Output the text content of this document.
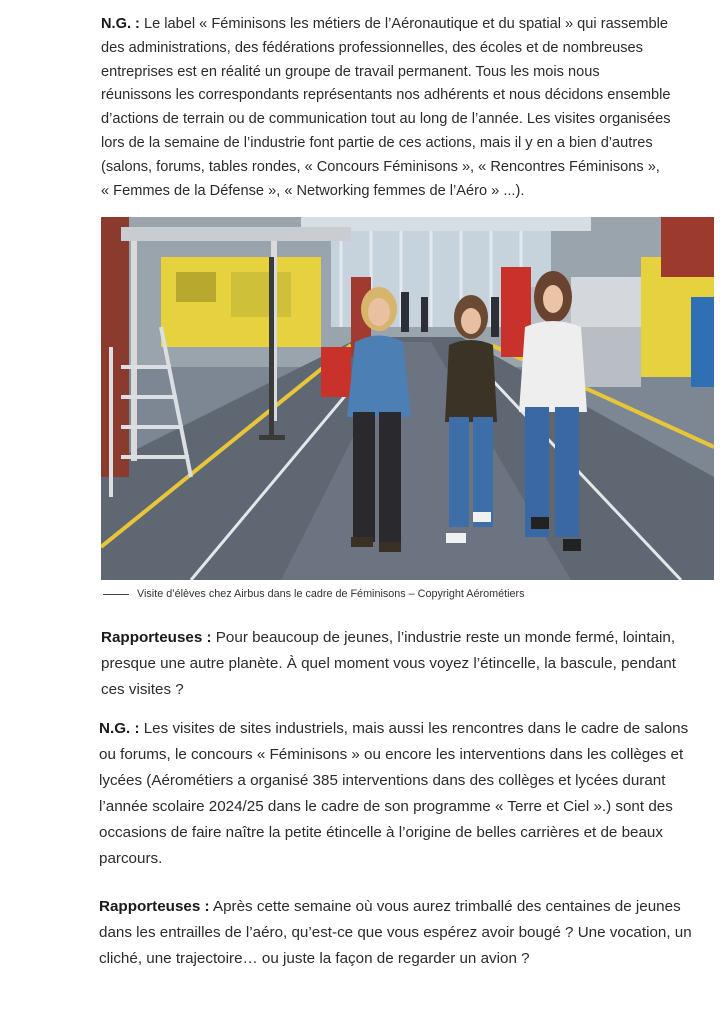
N.G. : Le label « Féminisons les métiers de l’Aéronautique et du spatial » qui rassemble
des administrations, des fédérations professionnelles, des écoles et de nombreuses
entreprises est en réalité un groupe de travail permanent. Tous les mois nous
réunissons les correspondants représentants nos adhérents et nous décidons ensemble
d’actions de terrain ou de communication tout au long de l’année. Les visites organisées
lors de la semaine de l’industrie font partie de ces actions, mais il y en a bien d’autres
(salons, forums, tables rondes, « Concours Féminisons », « Rencontres Féminisons »,
« Femmes de la Défense », « Networking femmes de l’Aéro » ...).

Visite d’élèves chez Airbus dans le cadre de Féminisons – Copyright Aérométiers

Rapporteuses : Pour beaucoup de jeunes, l’industrie reste un monde fermé, lointain,
presque une autre planète. À quel moment vous voyez l’étincelle, la bascule, pendant
ces visites ?

N.G. : Les visites de sites industriels, mais aussi les rencontres dans le cadre de salons
ou forums, le concours « Féminisons » ou encore les interventions dans les collèges et
lycées (Aérométiers a organisé 385 interventions dans des collèges et lycées durant
l’année scolaire 2024/25 dans le cadre de son programme « Terre et Ciel ».) sont des
occasions de faire naître la petite étincelle à l’origine de belles carrières et de beaux
parcours.

Rapporteuses : Après cette semaine où vous aurez trimballé des centaines de jeunes
dans les entrailles de l’aéro, qu’est-ce que vous espérez avoir bougé ? Une vocation, un
cliché, une trajectoire… ou juste la façon de regarder un avion ?
